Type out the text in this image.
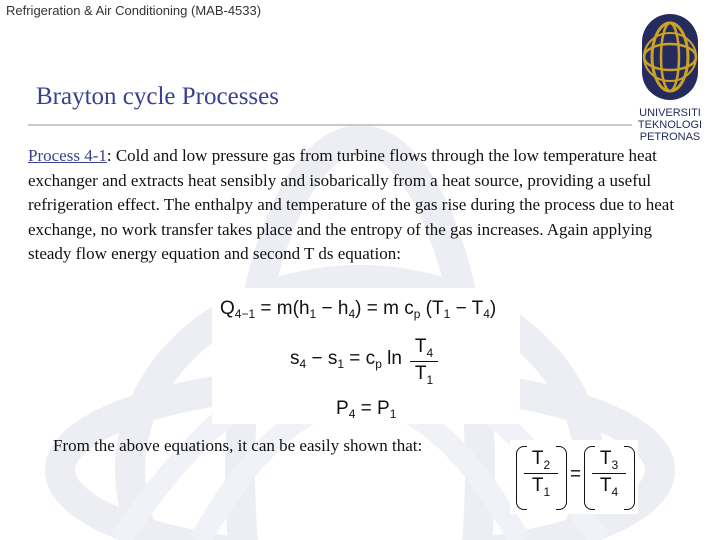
Refrigeration & Air Conditioning (MAB-4533)
UNIVERSITI
TEKNOLOGI
PETRONAS
Brayton cycle Processes
Process 4-1: Cold and low pressure gas from turbine flows through the low temperature heat exchanger and extracts heat sensibly and isobarically from a heat source, providing a useful refrigeration effect. The enthalpy and temperature of the gas rise during the process due to heat exchange, no work transfer takes place and the entropy of the gas increases. Again applying steady flow energy equation and second T ds equation:
$Q_{4-1} = m(h_1 - h_4) = m$ $c_p$ $(T_1 - T_4)$
$s_4 - s_1 = c_p$ ln
$T_4$
$T_1$
$P_4 = P_1$
From the above equations, it can be easily shown that:
$T_2$
$T_1$
=
$T_3$
$T_4$
